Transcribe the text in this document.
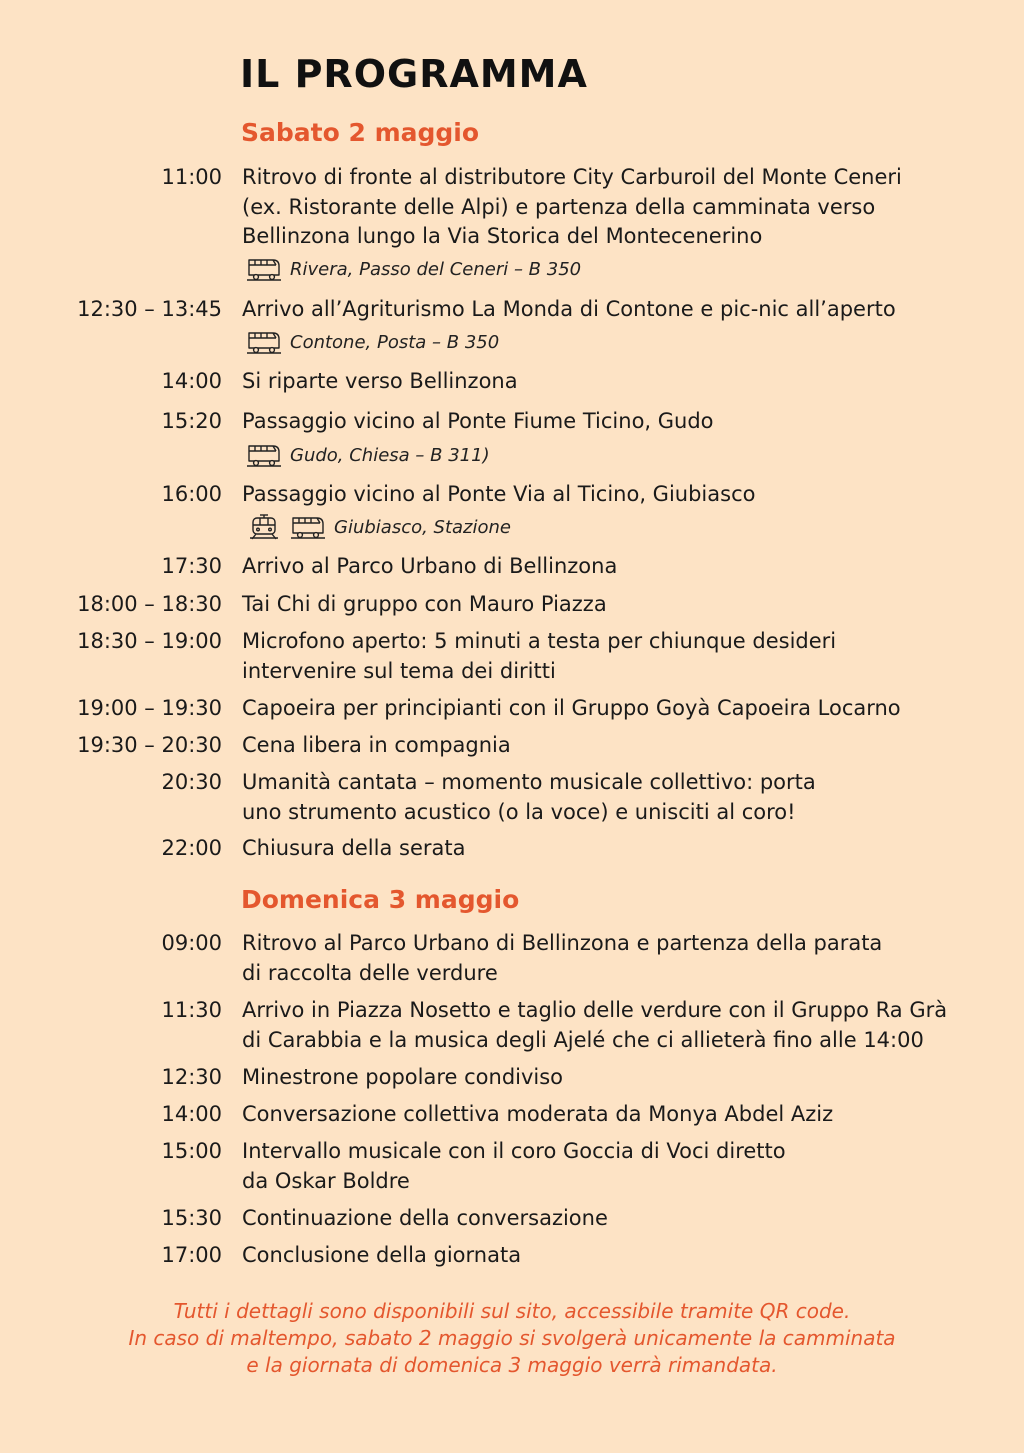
IL PROGRAMMA
Sabato 2 maggio
11:00 Ritrovo di fronte al distributore City Carburoil del Monte Ceneri
(ex. Ristorante delle Alpi) e partenza della camminata verso
Bellinzona lungo la Via Storica del Montecenerino
Rivera, Passo del Ceneri – B 350
12:30 – 13:45 Arrivo all’Agriturismo La Monda di Contone e pic-nic all’aperto
Contone, Posta – B 350
14:00 Si riparte verso Bellinzona
15:20 Passaggio vicino al Ponte Fiume Ticino, Gudo
Gudo, Chiesa – B 311)
16:00 Passaggio vicino al Ponte Via al Ticino, Giubiasco
Giubiasco, Stazione
17:30 Arrivo al Parco Urbano di Bellinzona
18:00 – 18:30 Tai Chi di gruppo con Mauro Piazza
18:30 – 19:00 Microfono aperto: 5 minuti a testa per chiunque desideri
intervenire sul tema dei diritti
19:00 – 19:30 Capoeira per principianti con il Gruppo Goyà Capoeira Locarno
19:30 – 20:30 Cena libera in compagnia
20:30 Umanità cantata – momento musicale collettivo: porta
uno strumento acustico (o la voce) e unisciti al coro!
22:00 Chiusura della serata
Domenica 3 maggio
09:00 Ritrovo al Parco Urbano di Bellinzona e partenza della parata
di raccolta delle verdure
11:30 Arrivo in Piazza Nosetto e taglio delle verdure con il Gruppo Ra Grà
di Carabbia e la musica degli Ajelé che ci allieterà fino alle 14:00
12:30 Minestrone popolare condiviso
14:00 Conversazione collettiva moderata da Monya Abdel Aziz
15:00 Intervallo musicale con il coro Goccia di Voci diretto
da Oskar Boldre
15:30 Continuazione della conversazione
17:00 Conclusione della giornata
Tutti i dettagli sono disponibili sul sito, accessibile tramite QR code.
In caso di maltempo, sabato 2 maggio si svolgerà unicamente la camminata
e la giornata di domenica 3 maggio verrà rimandata.
